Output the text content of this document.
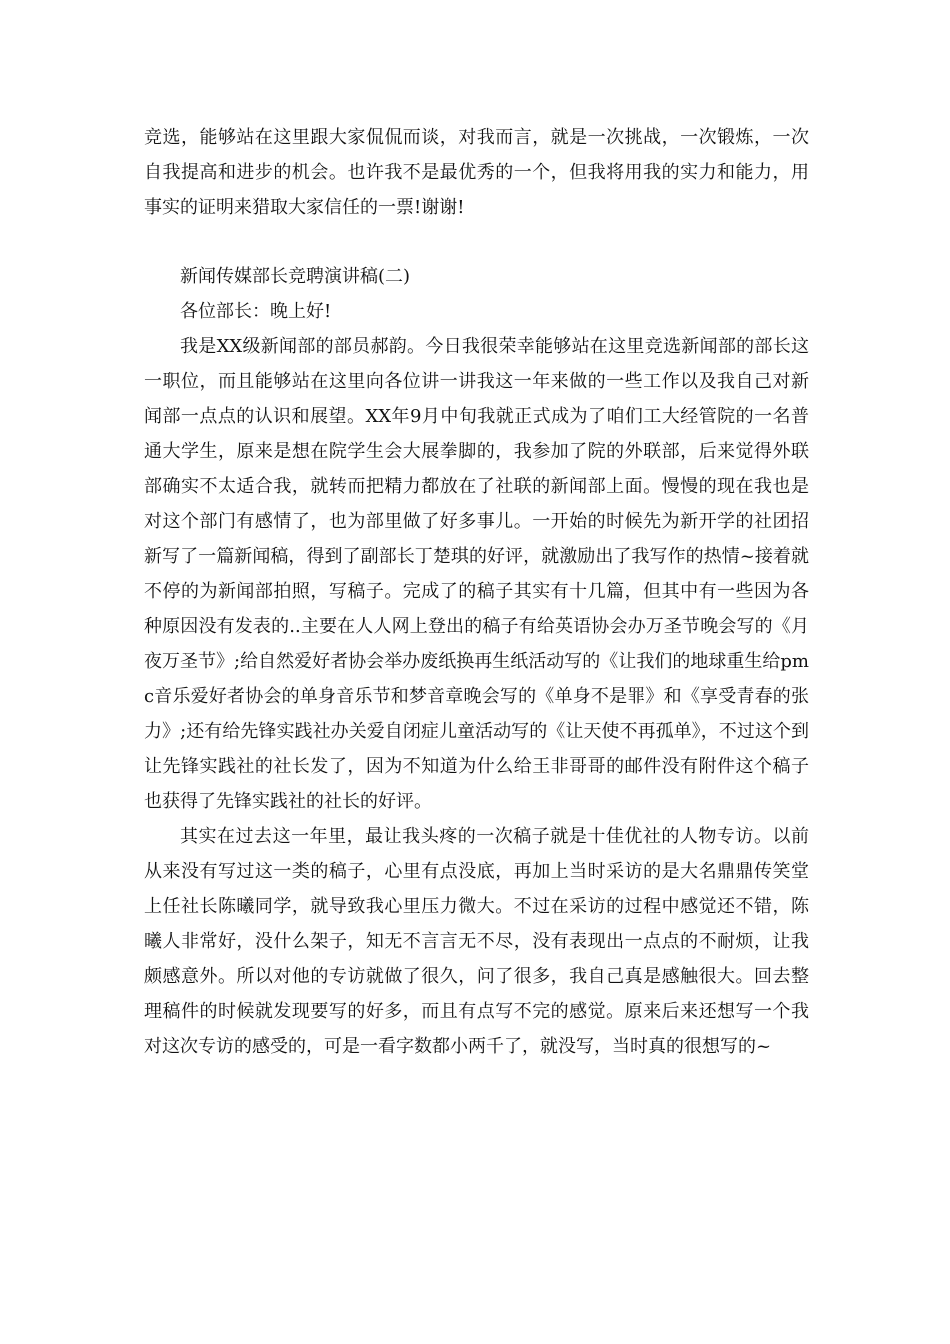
竞选，能够站在这里跟大家侃侃而谈，对我而言，就是一次挑战，一次锻炼，一次自我提高和进步的机会。也许我不是最优秀的一个，但我将用我的实力和能力，用事实的证明来猎取大家信任的一票!谢谢!

新闻传媒部长竞聘演讲稿(二)

各位部长：晚上好!

我是XX级新闻部的部员郝韵。今日我很荣幸能够站在这里竞选新闻部的部长这一职位，而且能够站在这里向各位讲一讲我这一年来做的一些工作以及我自己对新闻部一点点的认识和展望。XX年9月中旬我就正式成为了咱们工大经管院的一名普通大学生，原来是想在院学生会大展拳脚的，我参加了院的外联部，后来觉得外联部确实不太适合我，就转而把精力都放在了社联的新闻部上面。慢慢的现在我也是对这个部门有感情了，也为部里做了好多事儿。一开始的时候先为新开学的社团招新写了一篇新闻稿，得到了副部长丁楚琪的好评，就激励出了我写作的热情~接着就不停的为新闻部拍照，写稿子。完成了的稿子其实有十几篇，但其中有一些因为各种原因没有发表的..主要在人人网上登出的稿子有给英语协会办万圣节晚会写的《月夜万圣节》;给自然爱好者协会举办废纸换再生纸活动写的《让我们的地球重生给pmc音乐爱好者协会的单身音乐节和梦音章晚会写的《单身不是罪》和《享受青春的张力》;还有给先锋实践社办关爱自闭症儿童活动写的《让天使不再孤单》，不过这个到让先锋实践社的社长发了，因为不知道为什么给王非哥哥的邮件没有附件这个稿子也获得了先锋实践社的社长的好评。

其实在过去这一年里，最让我头疼的一次稿子就是十佳优社的人物专访。以前从来没有写过这一类的稿子，心里有点没底，再加上当时采访的是大名鼎鼎传笑堂上任社长陈曦同学，就导致我心里压力微大。不过在采访的过程中感觉还不错，陈曦人非常好，没什么架子，知无不言言无不尽，没有表现出一点点的不耐烦，让我颇感意外。所以对他的专访就做了很久，问了很多，我自己真是感触很大。回去整理稿件的时候就发现要写的好多，而且有点写不完的感觉。原来后来还想写一个我对这次专访的感受的，可是一看字数都小两千了，就没写，当时真的很想写的~
